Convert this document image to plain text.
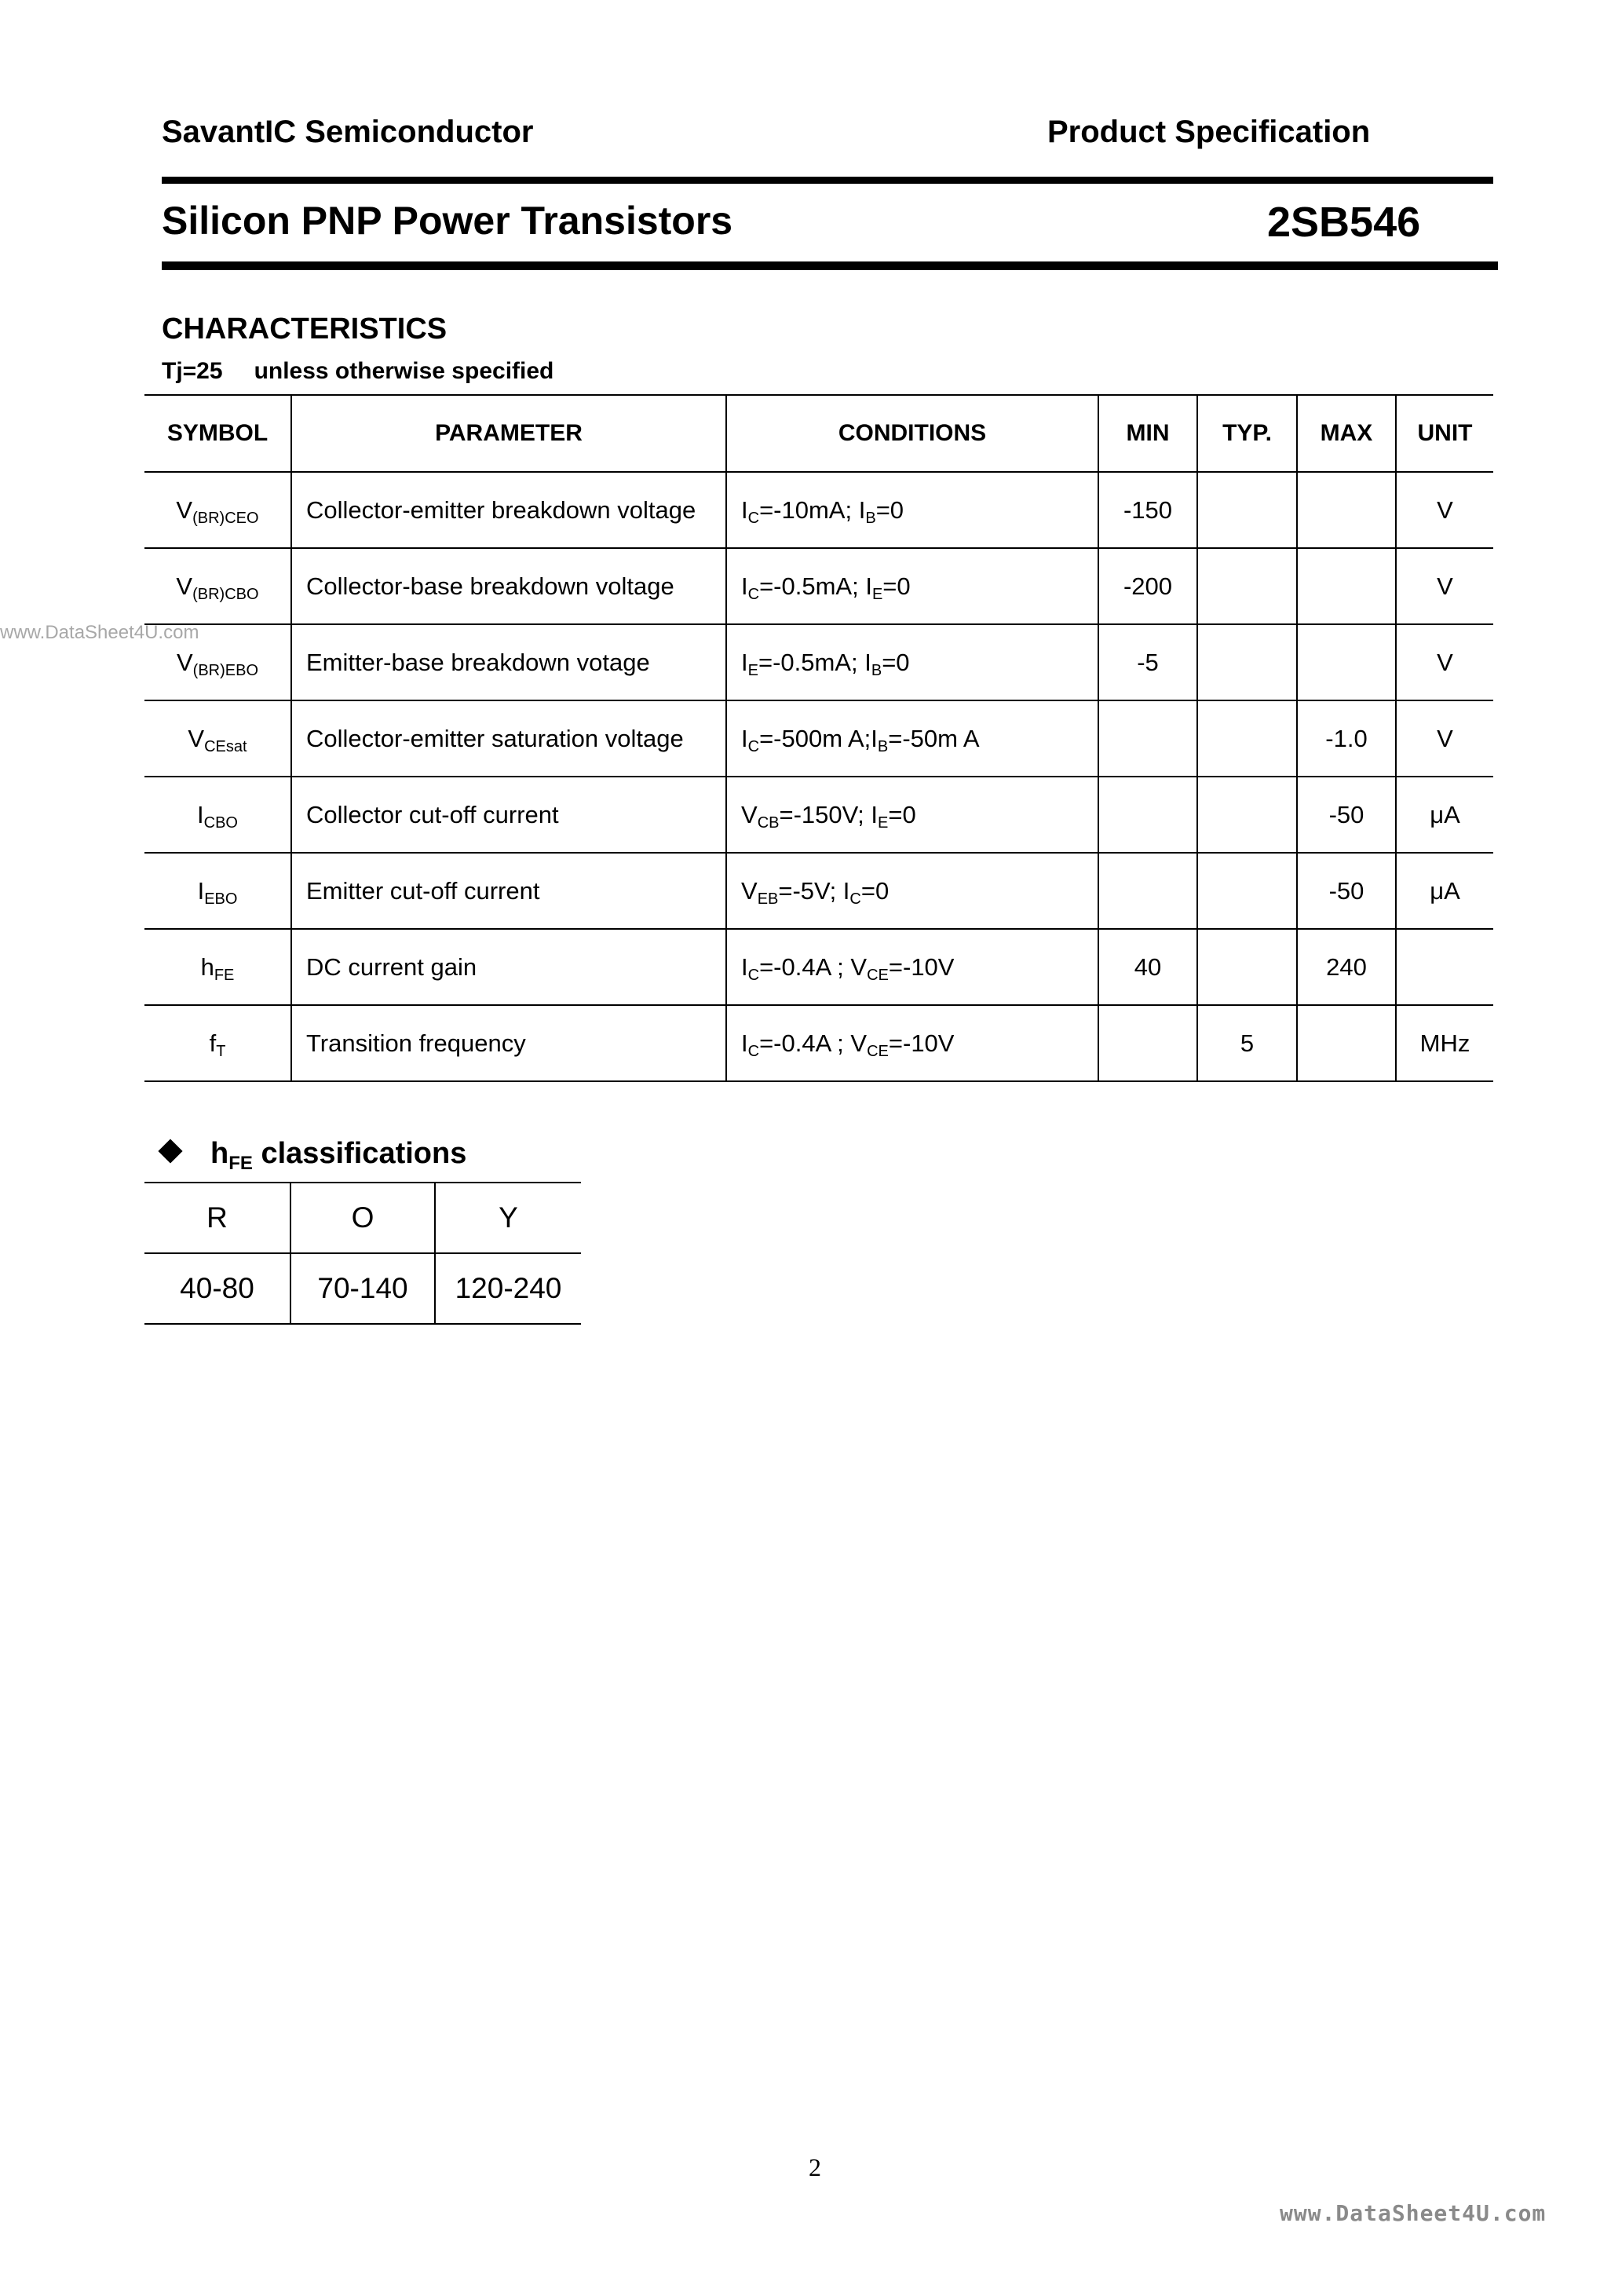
SavantIC Semiconductor	Product Specification
Silicon PNP Power Transistors	2SB546
www.DataSheet4U.com
CHARACTERISTICS
Tj=25 unless otherwise specified
SYMBOL	PARAMETER	CONDITIONS	MIN	TYP.	MAX	UNIT
V(BR)CEO	Collector-emitter breakdown voltage	IC=-10mA; IB=0	-150			V
V(BR)CBO	Collector-base breakdown voltage	IC=-0.5mA; IE=0	-200			V
V(BR)EBO	Emitter-base breakdown votage	IE=-0.5mA; IB=0	-5			V
VCEsat	Collector-emitter saturation voltage	IC=-500m A;IB=-50m A			-1.0	V
ICBO	Collector cut-off current	VCB=-150V; IE=0			-50	μA
IEBO	Emitter cut-off current	VEB=-5V; IC=0			-50	μA
hFE	DC current gain	IC=-0.4A ; VCE=-10V	40		240	
fT	Transition frequency	IC=-0.4A ; VCE=-10V		5		MHz
$h_{FE}$ classifications
R	O	Y
40-80	70-140	120-240
2
www.DataSheet4U.com
